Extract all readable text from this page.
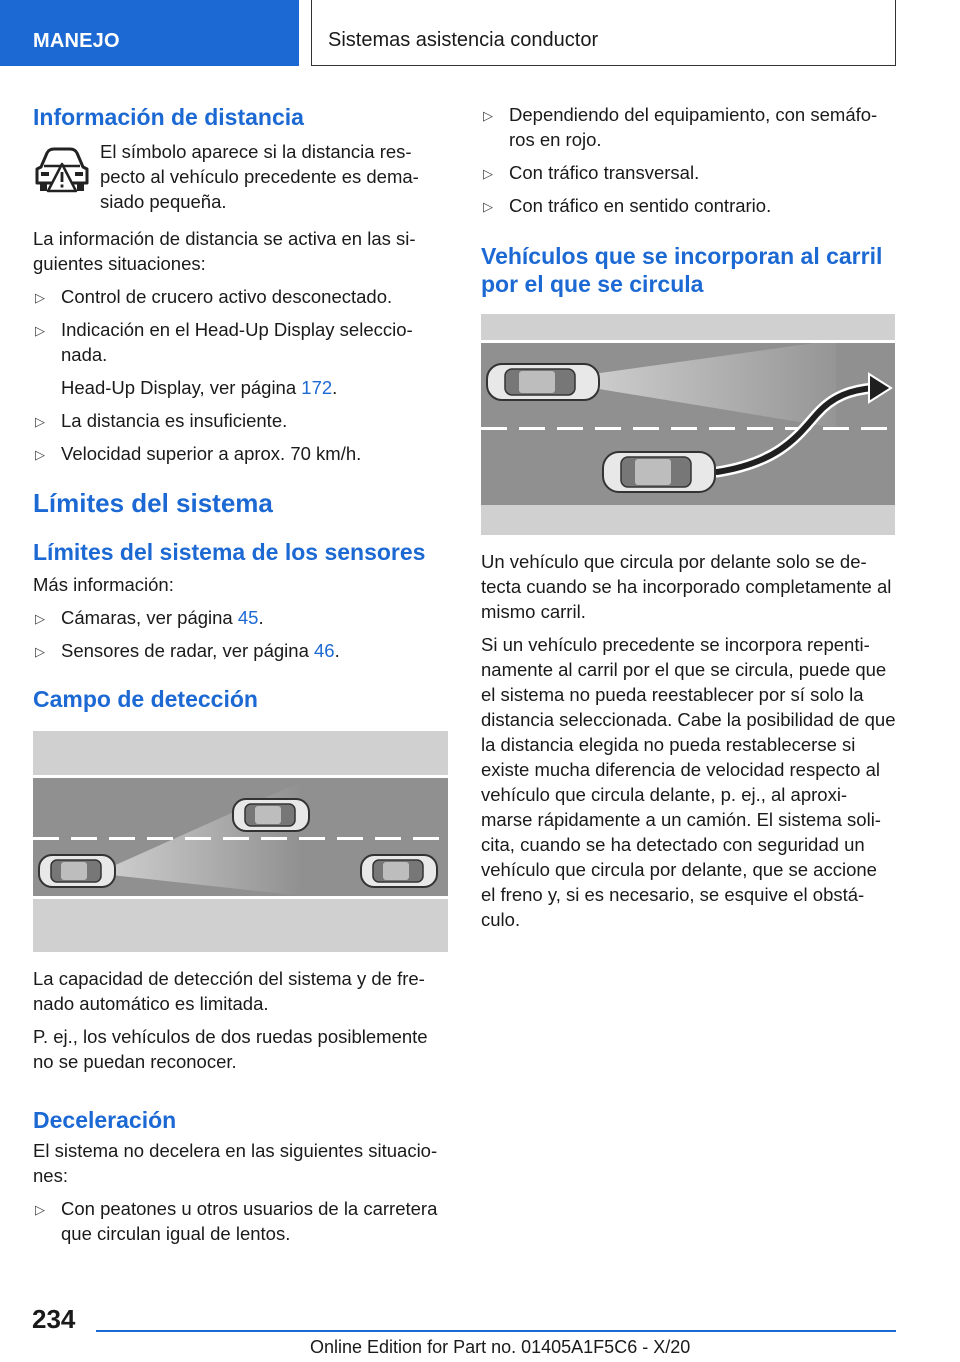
MANEJO	Sistemas asistencia conductor
Información de distancia
El símbolo aparece si la distancia res-pecto al vehículo precedente es dema-siado pequeña.

La información de distancia se activa en las si-guientes situaciones:

▷ Control de crucero activo desconectado.
▷ Indicación en el Head-Up Display seleccio-nada.
Head-Up Display, ver página 172.
▷ La distancia es insuficiente.
▷ Velocidad superior a aprox. 70 km/h.
Límites del sistema
Límites del sistema de los sensores

Más información:

▷ Cámaras, ver página 45.
▷ Sensores de radar, ver página 46.
Campo de detección

La capacidad de detección del sistema y de fre-nado automático es limitada.

P. ej., los vehículos de dos ruedas posiblemente no se puedan reconocer.

Deceleración

El sistema no decelera en las siguientes situacio-nes:

▷ Con peatones u otros usuarios de la carretera que circulan igual de lentos.
▷ Dependiendo del equipamiento, con semáfo-ros en rojo.
▷ Con tráfico transversal.
▷ Con tráfico en sentido contrario.
Vehículos que se incorporan al carril por el que se circula

Un vehículo que circula por delante solo se de-tecta cuando se ha incorporado completamente al mismo carril.

Si un vehículo precedente se incorpora repenti-namente al carril por el que se circula, puede que el sistema no pueda reestablecer por sí solo la distancia seleccionada. Cabe la posibilidad de que la distancia elegida no pueda restablecerse si existe mucha diferencia de velocidad respecto al vehículo que circula delante, p. ej., al aproxi-marse rápidamente a un camión. El sistema soli-cita, cuando se ha detectado con seguridad un vehículo que circula por delante, que se accione el freno y, si es necesario, se esquive el obstá-culo.

234
Online Edition for Part no. 01405A1F5C6 - X/20
